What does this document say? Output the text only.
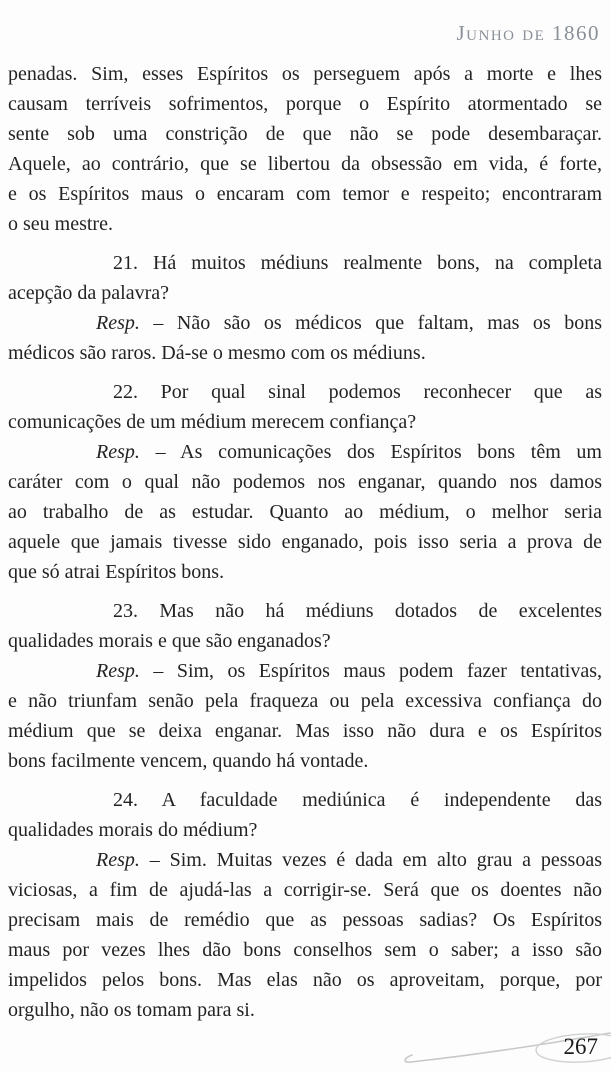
Junho de 1860
penadas. Sim, esses Espíritos os perseguem após a morte e lhes
causam terríveis sofrimentos, porque o Espírito atormentado se
sente sob uma constrição de que não se pode desembaraçar.
Aquele, ao contrário, que se libertou da obsessão em vida, é forte,
e os Espíritos maus o encaram com temor e respeito; encontraram
o seu mestre.
21. Há muitos médiuns realmente bons, na completa
acepção da palavra?
Resp. – Não são os médicos que faltam, mas os bons
médicos são raros. Dá-se o mesmo com os médiuns.
22. Por qual sinal podemos reconhecer que as
comunicações de um médium merecem confiança?
Resp. – As comunicações dos Espíritos bons têm um
caráter com o qual não podemos nos enganar, quando nos damos
ao trabalho de as estudar. Quanto ao médium, o melhor seria
aquele que jamais tivesse sido enganado, pois isso seria a prova de
que só atrai Espíritos bons.
23. Mas não há médiuns dotados de excelentes
qualidades morais e que são enganados?
Resp. – Sim, os Espíritos maus podem fazer tentativas,
e não triunfam senão pela fraqueza ou pela excessiva confiança do
médium que se deixa enganar. Mas isso não dura e os Espíritos
bons facilmente vencem, quando há vontade.
24. A faculdade mediúnica é independente das
qualidades morais do médium?
Resp. – Sim. Muitas vezes é dada em alto grau a pessoas
viciosas, a fim de ajudá-las a corrigir-se. Será que os doentes não
precisam mais de remédio que as pessoas sadias? Os Espíritos
maus por vezes lhes dão bons conselhos sem o saber; a isso são
impelidos pelos bons. Mas elas não os aproveitam, porque, por
orgulho, não os tomam para si.
267
